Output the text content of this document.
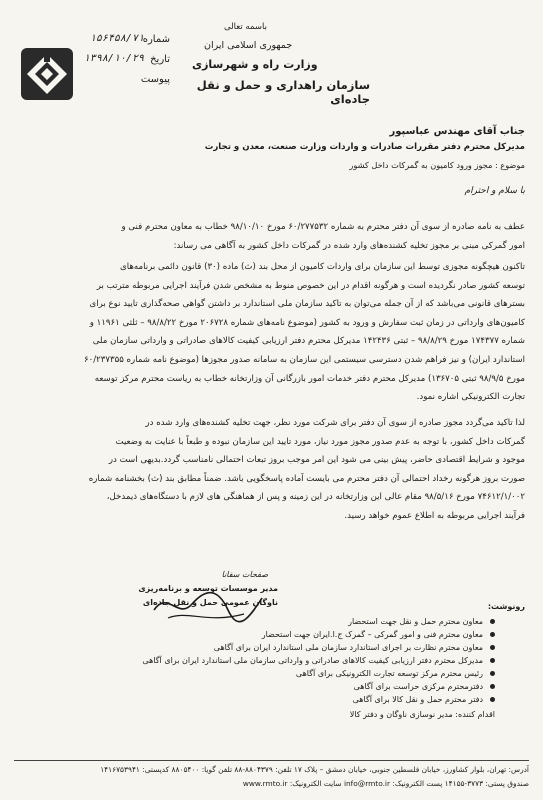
باسمه تعالی
جمهوری اسلامی ایران
وزارت راه و شهرسازی
سازمان راهداری و حمل و نقل جاده‌ای
شماره
۱۵۶۴۵۸/۷۱
تاریخ
۱۳۹۸/۱۰/۲۹
پیوست
جناب آقای مهندس عباسپور
مدیرکل محترم دفتر مقررات صادرات و واردات وزارت صنعت، معدن و تجارت
موضوع : مجوز ورود کامیون به گمرکات داخل کشور
با سلام و احترام
عطف به نامه صادره از سوی آن دفتر محترم به شماره ۶۰/۲۷۷۵۳۲ مورخ ۹۸/۱۰/۱۰ خطاب به معاون محترم فنی و
امور گمرکی مبنی بر مجوز تخلیه کشنده‌های وارد شده در گمرکات داخل کشور به آگاهی می رساند:
تاکنون هیچگونه مجوزی توسط این سازمان برای واردات کامیون از محل بند (ث) ماده (۳۰) قانون دائمی برنامه‌های
توسعه کشور صادر نگردیده است و هرگونه اقدام در این خصوص منوط به مشخص شدن فرآیند اجرایی مربوطه مترتب بر
بسترهای قانونی می‌باشد که از آن جمله می‌توان به تاکید سازمان ملی استاندارد بر داشتن گواهی صحه‌گذاری تایید نوع برای
کامیون‌های وارداتی در زمان ثبت سفارش و ورود به کشور (موضوع نامه‌های شماره ۲۰۶۷۲۸ مورخ ۹۸/۸/۲۲ – ثلثی ۱۱۹۶۱ و
شماره ۱۷۴۳۷۷ مورخ ۹۸/۸/۲۹ – ثبتی ۱۴۲۴۳۶ مدیرکل محترم دفتر ارزیابی کیفیت کالاهای صادراتی و وارداتی سازمان ملی
استاندارد ایران) و نیز فراهم شدن دسترسی سیستمی این سازمان به سامانه صدور مجوزها (موضوع نامه شماره ۶۰/۲۳۷۳۵۵
مورخ ۹۸/۹/۵ ثبتی ۱۳۶۷۰۵) مدیرکل محترم دفتر خدمات امور بازرگانی آن وزارتخانه خطاب به ریاست محترم مرکز توسعه
تجارت الکترونیکی اشاره نمود.
لذا تاکید می‌گردد مجوز صادره از سوی آن دفتر برای شرکت مورد نظر، جهت تخلیه کشنده‌های وارد شده در
گمرکات داخل کشور، با توجه به عدم صدور مجوز مورد نیاز، مورد تایید این سازمان نبوده و طبعاً با عنایت به وضعیت
موجود و شرایط اقتصادی حاضر، پیش بینی می شود این امر موجب بروز تبعات احتمالی نامناسب گردد.بدیهی است در
صورت بروز هرگونه رخداد احتمالی آن دفتر محترم می بایست آماده پاسخگویی باشد. ضمناً مطابق بند (ث) بخشنامه شماره
۷۴۶۱۲/۱/۰۰۲ مورخ ۹۸/۵/۱۶ مقام عالی این وزارتخانه در این زمینه و پس از هماهنگی های لازم با دستگاه‌های ذیمدخل،
فرآیند اجرایی مربوطه به اطلاع عموم خواهد رسید.
صفحات سفانا
مدیر موسسات توسعه و برنامه‌ریزی
ناوگان عمومی حمل و نقل جاده‌ای	رونوشت:
معاون محترم حمل و نقل جهت استحضار
معاون محترم فنی و امور گمرکی – گمرک ج.ا.ایران جهت استحضار
معاون محترم نظارت بر اجرای استاندارد سازمان ملی استاندارد ایران برای آگاهی
مدیرکل محترم دفتر ارزیابی کیفیت کالاهای صادراتی و وارداتی سازمان ملی استاندارد ایران برای آگاهی
رئیس محترم مرکز توسعه تجارت الکترونیکی برای آگاهی
دفترمحترم مرکزی حراست برای آگاهی
دفتر محترم حمل و نقل کالا برای آگاهی
اقدام کننده: مدیر نوسازی ناوگان و دفتر کالا
آدرس: تهران، بلوار کشاورز، خیابان فلسطین جنوبی، خیابان دمشق – پلاک ۱۷ تلفن: ۸۸۰۴۳۷۹-۸۸ تلفن گویا: ۸۸۰۵۴۰۰ کدپستی: ۱۴۱۶۷۵۳۹۴۱
صندوق پستی: ۳۷۷۳-۱۴۱۵۵ پست الکترونیک: info@rmto.ir سایت الکترونیک: www.rmto.ir
